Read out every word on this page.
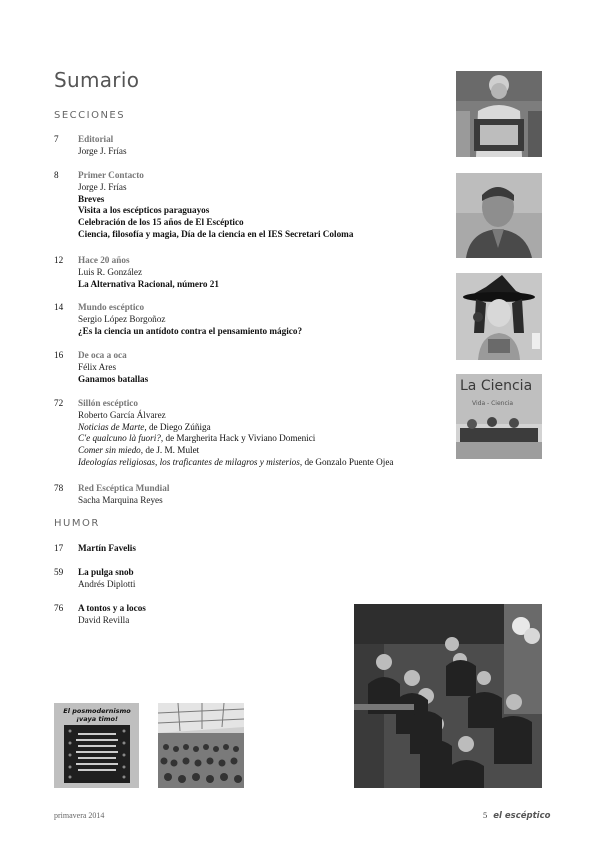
Sumario
SECCIONES
7 Editorial
Jorge J. Frías
8 Primer Contacto
Jorge J. Frías
Breves
Visita a los escépticos paraguayos
Celebración de los 15 años de El Escéptico
Ciencia, filosofía y magia, Día de la ciencia en el IES Secretari Coloma
12 Hace 20 años
Luis R. González
La Alternativa Racional, número 21
14 Mundo escéptico
Sergio López Borgoñoz
¿Es la ciencia un antídoto contra el pensamiento mágico?
16 De oca a oca
Félix Ares
Ganamos batallas
72 Sillón escéptico
Roberto García Álvarez
Noticias de Marte, de Diego Zúñiga
C'e qualcuno là fuori?, de Margherita Hack y Viviano Domenici
Comer sin miedo, de J. M. Mulet
Ideologías religiosas, los traficantes de milagros y misterios, de Gonzalo Puente Ojea
78 Red Escéptica Mundial
Sacha Marquina Reyes
HUMOR
17 Martín Favelis
59 La pulga snob
Andrés Diplotti
76 A tontos y a locos
David Revilla
La Ciencia
Vida - Ciencia
El posmodernismo ¡vaya timo!
primavera 2014	5 el escéptico
